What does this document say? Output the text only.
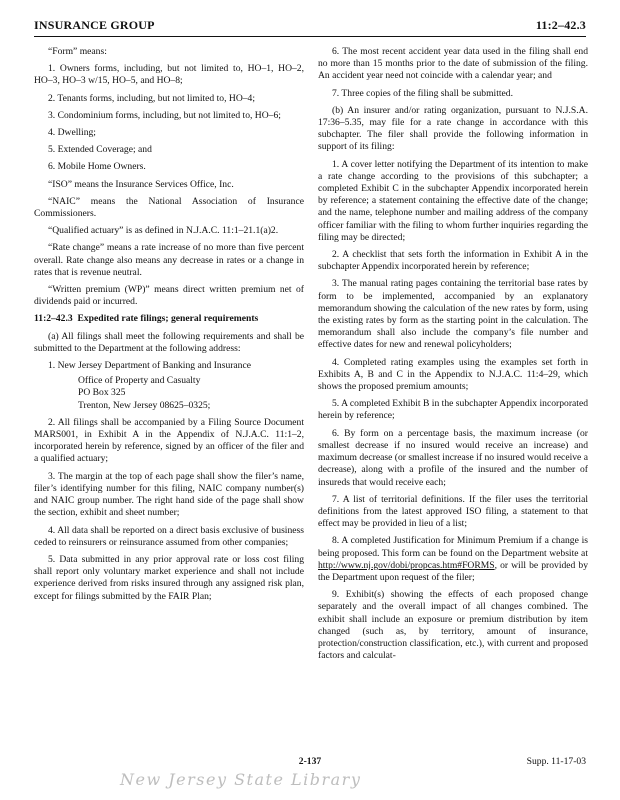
INSURANCE GROUP	11:2–42.3

“Form” means:

1. Owners forms, including, but not limited to, HO–1, HO–2, HO–3, HO–3 w/15, HO–5, and HO–8;

2. Tenants forms, including, but not limited to, HO–4;

3. Condominium forms, including, but not limited to, HO–6;

4. Dwelling;

5. Extended Coverage; and

6. Mobile Home Owners.

“ISO” means the Insurance Services Office, Inc.

“NAIC” means the National Association of Insurance Commissioners.

“Qualified actuary” is as defined in N.J.A.C. 11:1–21.1(a)2.

“Rate change” means a rate increase of no more than five percent overall. Rate change also means any decrease in rates or a change in rates that is revenue neutral.

“Written premium (WP)” means direct written premium net of dividends paid or incurred.

11:2–42.3 Expedited rate filings; general requirements

(a) All filings shall meet the following requirements and shall be submitted to the Department at the following address:

1. New Jersey Department of Banking and Insurance

Office of Property and Casualty

PO Box 325

Trenton, New Jersey 08625–0325;

2. All filings shall be accompanied by a Filing Source Document MARS001, in Exhibit A in the Appendix of N.J.A.C. 11:1–2, incorporated herein by reference, signed by an officer of the filer and a qualified actuary;

3. The margin at the top of each page shall show the filer’s name, filer’s identifying number for this filing, NAIC company number(s) and NAIC group number. The right hand side of the page shall show the section, exhibit and sheet number;

4. All data shall be reported on a direct basis exclusive of business ceded to reinsurers or reinsurance assumed from other companies;

5. Data submitted in any prior approval rate or loss cost filing shall report only voluntary market experience and shall not include experience derived from risks insured through any assigned risk plan, except for filings submitted by the FAIR Plan;

6. The most recent accident year data used in the filing shall end no more than 15 months prior to the date of submission of the filing. An accident year need not coincide with a calendar year; and

7. Three copies of the filing shall be submitted.

(b) An insurer and/or rating organization, pursuant to N.J.S.A. 17:36–5.35, may file for a rate change in accordance with this subchapter. The filer shall provide the following information in support of its filing:

1. A cover letter notifying the Department of its intention to make a rate change according to the provisions of this subchapter; a completed Exhibit C in the subchapter Appendix incorporated herein by reference; a statement containing the effective date of the change; and the name, telephone number and mailing address of the company officer familiar with the filing to whom further inquiries regarding the filing may be directed;

2. A checklist that sets forth the information in Exhibit A in the subchapter Appendix incorporated herein by reference;

3. The manual rating pages containing the territorial base rates by form to be implemented, accompanied by an explanatory memorandum showing the calculation of the new rates by form, using the existing rates by form as the starting point in the calculation. The memorandum shall also include the company’s file number and effective dates for new and renewal policyholders;

4. Completed rating examples using the examples set forth in Exhibits A, B and C in the Appendix to N.J.A.C. 11:4–29, which shows the proposed premium amounts;

5. A completed Exhibit B in the subchapter Appendix incorporated herein by reference;

6. By form on a percentage basis, the maximum increase (or smallest decrease if no insured would receive an increase) and maximum decrease (or smallest increase if no insured would receive a decrease), along with a profile of the insured and the number of insureds that would receive each;

7. A list of territorial definitions. If the filer uses the territorial definitions from the latest approved ISO filing, a statement to that effect may be provided in lieu of a list;

8. A completed Justification for Minimum Premium if a change is being proposed. This form can be found on the Department website at http://www.nj.gov/dobi/propcas.htm#FORMS, or will be provided by the Department upon request of the filer;

9. Exhibit(s) showing the effects of each proposed change separately and the overall impact of all changes combined. The exhibit shall include an exposure or premium distribution by item changed (such as, by territory, amount of insurance, protection/construction classification, etc.), with current and proposed factors and calculat-

2-137	Supp. 11-17-03
New Jersey State Library
